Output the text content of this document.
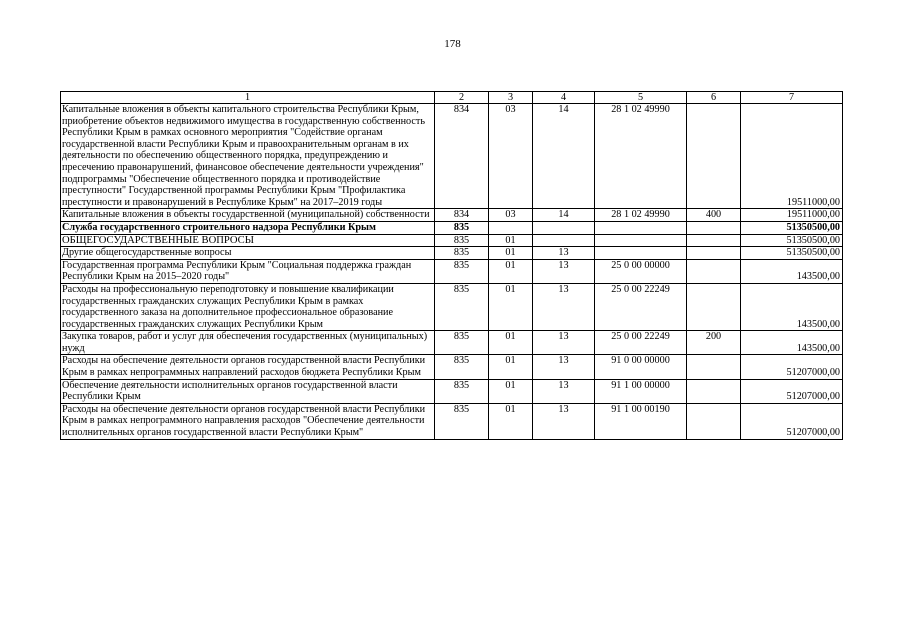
178
1	2	3	4	5	6	7
Капитальные вложения в объекты капитального строительства Республики Крым, приобретение объектов недвижимого имущества в государственную собственность Республики Крым в рамках основного мероприятия "Содействие органам государственной власти Республики Крым и правоохранительным органам в их деятельности по обеспечению общественного порядка, предупреждению и пресечению правонарушений, финансовое обеспечение деятельности учреждения" подпрограммы "Обеспечение общественного порядка и противодействие преступности" Государственной программы Республики Крым "Профилактика преступности и правонарушений в Республике Крым" на 2017–2019 годы	834	03	14	28 1 02 49990		19511000,00
Капитальные вложения в объекты государственной (муниципальной) собственности	834	03	14	28 1 02 49990	400	19511000,00
Служба государственного строительного надзора Республики Крым	835					51350500,00
ОБЩЕГОСУДАРСТВЕННЫЕ ВОПРОСЫ	835	01				51350500,00
Другие общегосударственные вопросы	835	01	13			51350500,00
Государственная программа Республики Крым "Социальная поддержка граждан Республики Крым на 2015–2020 годы"	835	01	13	25 0 00 00000		143500,00
Расходы на профессиональную переподготовку и повышение квалификации государственных гражданских служащих Республики Крым в рамках государственного заказа на дополнительное профессиональное образование государственных гражданских служащих Республики Крым	835	01	13	25 0 00 22249		143500,00
Закупка товаров, работ и услуг для обеспечения государственных (муниципальных) нужд	835	01	13	25 0 00 22249	200	143500,00
Расходы на обеспечение деятельности органов государственной власти Республики Крым в рамках непрограммных направлений расходов бюджета Республики Крым	835	01	13	91 0 00 00000		51207000,00
Обеспечение деятельности исполнительных органов государственной власти Республики Крым	835	01	13	91 1 00 00000		51207000,00
Расходы на обеспечение деятельности органов государственной власти Республики Крым в рамках непрограммного направления расходов "Обеспечение деятельности исполнительных органов государственной власти Республики Крым"	835	01	13	91 1 00 00190		51207000,00
